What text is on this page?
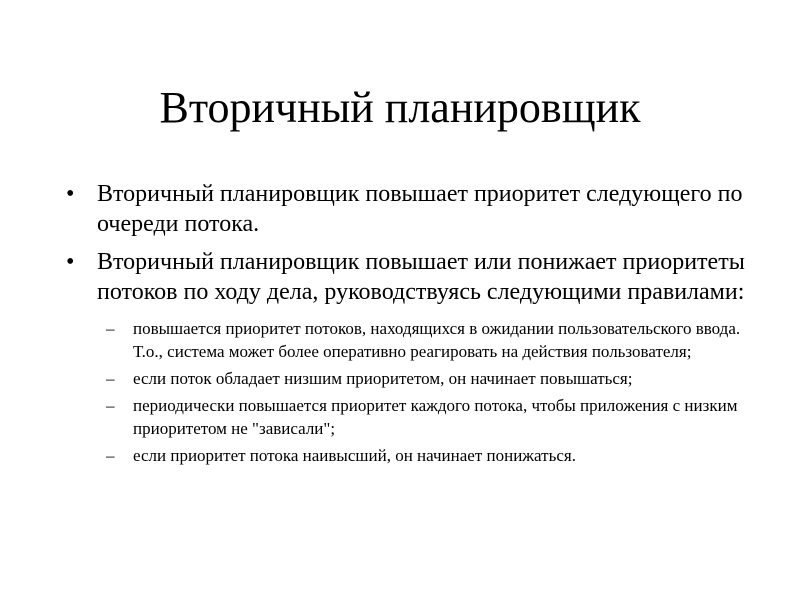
Вторичный планировщик
• Вторичный планировщик повышает приоритет следующего по очереди потока.
• Вторичный планировщик повышает или понижает приоритеты потоков по ходу дела, руководствуясь следующими правилами:
–	повышается приоритет потоков, находящихся в ожидании пользовательского ввода. Т.о., система может более оперативно реагировать на действия пользователя;
–	если поток обладает низшим приоритетом, он начинает повышаться;
–	периодически повышается приоритет каждого потока, чтобы приложения с низким приоритетом не "зависали";
–	если приоритет потока наивысший, он начинает понижаться.
